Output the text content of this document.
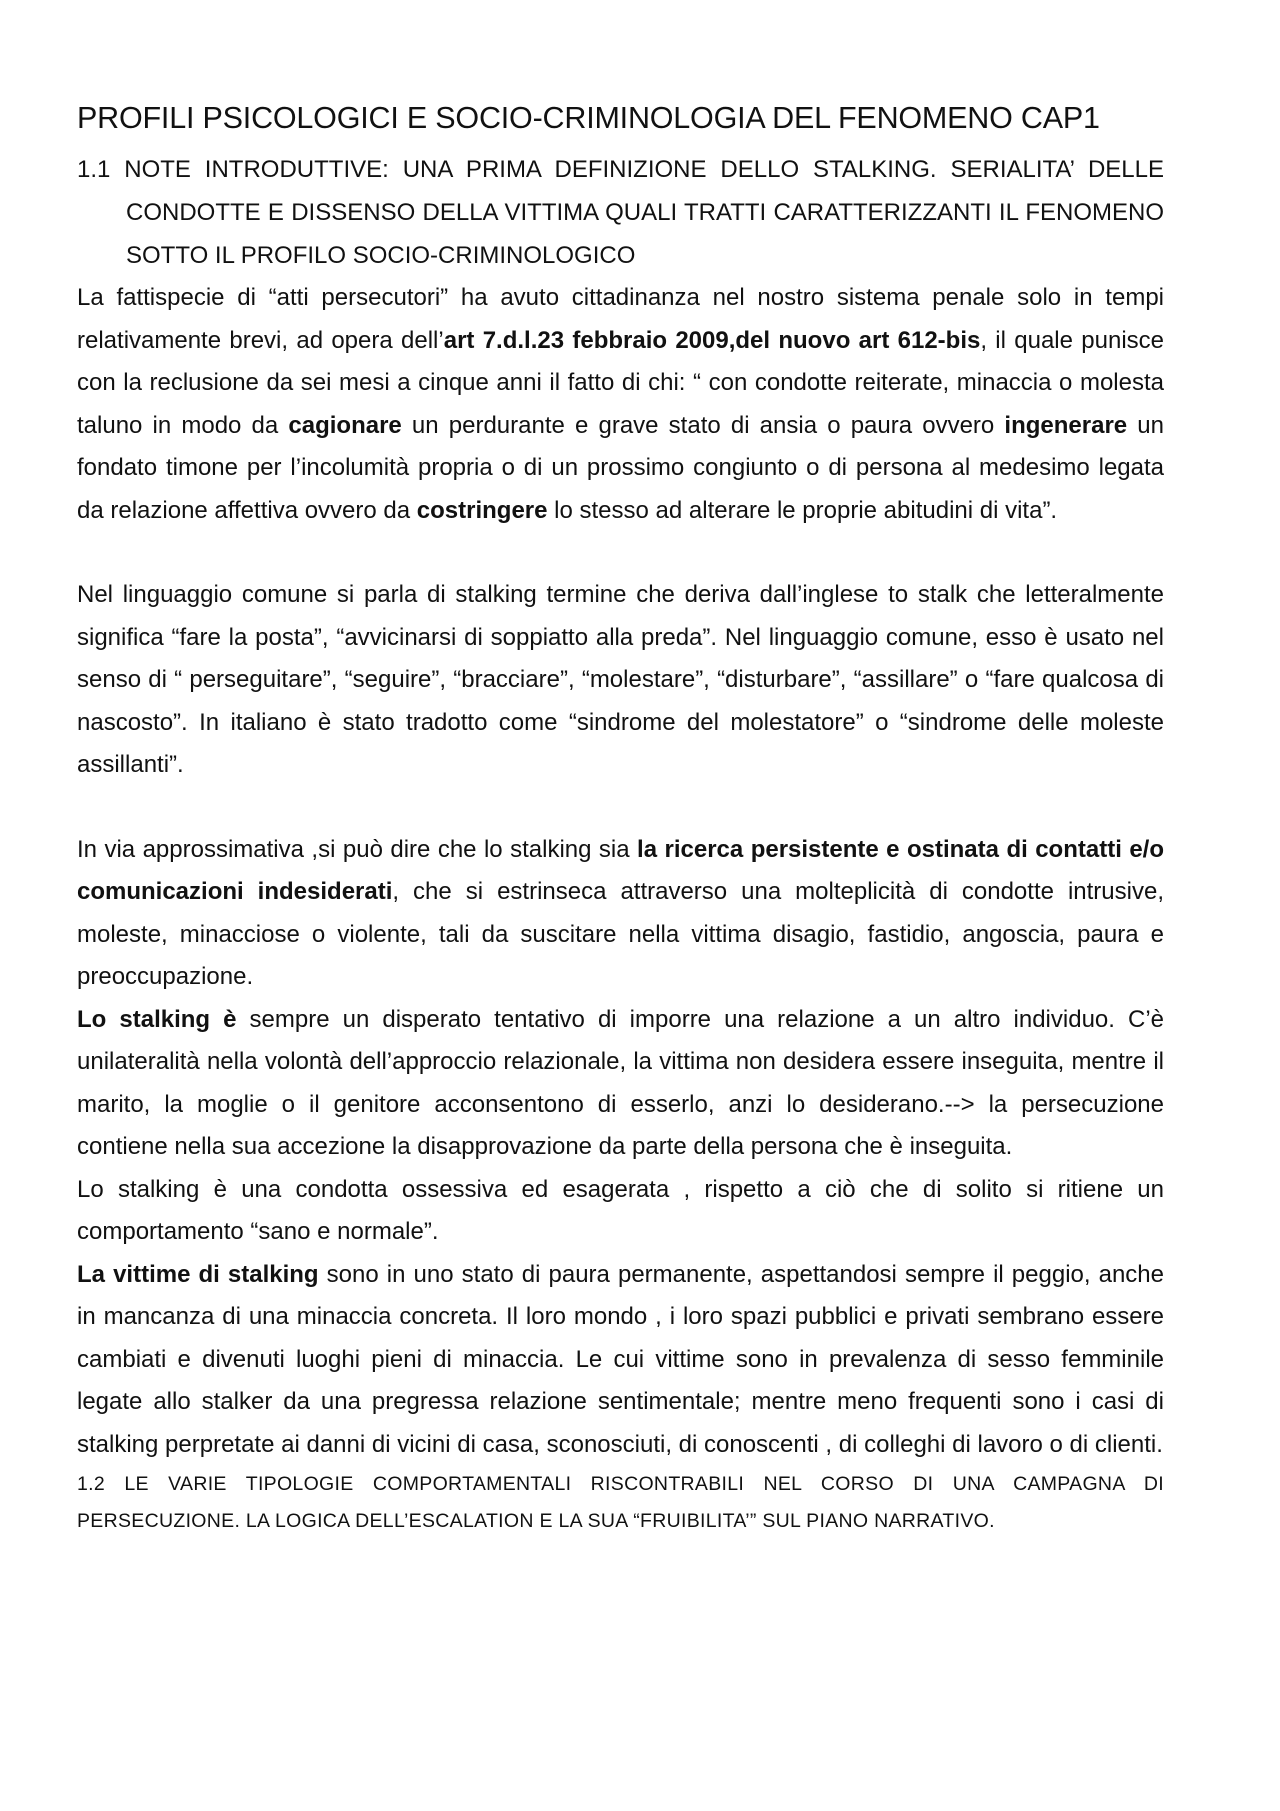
PROFILI PSICOLOGICI E SOCIO-CRIMINOLOGIA DEL FENOMENO CAP1

1.1 NOTE INTRODUTTIVE: UNA PRIMA DEFINIZIONE DELLO STALKING. SERIALITA’ DELLE CONDOTTE E DISSENSO DELLA VITTIMA QUALI TRATTI CARATTERIZZANTI IL FENOMENO SOTTO IL PROFILO SOCIO-CRIMINOLOGICO

La fattispecie di “atti persecutori” ha avuto cittadinanza nel nostro sistema penale solo in tempi relativamente brevi, ad opera dell’art 7.d.l.23 febbraio 2009,del nuovo art 612-bis, il quale punisce con la reclusione da sei mesi a cinque anni il fatto di chi: “ con condotte reiterate, minaccia o molesta taluno in modo da cagionare un perdurante e grave stato di ansia o paura ovvero ingenerare un fondato timone per l’incolumità propria o di un prossimo congiunto o di persona al medesimo legata da relazione affettiva ovvero da costringere lo stesso ad alterare le proprie abitudini di vita”.

Nel linguaggio comune si parla di stalking termine che deriva dall’inglese to stalk che letteralmente significa “fare la posta”, “avvicinarsi di soppiatto alla preda”. Nel linguaggio comune, esso è usato nel senso di “ perseguitare”, “seguire”, “bracciare”, “molestare”, “disturbare”, “assillare” o “fare qualcosa di nascosto”. In italiano è stato tradotto come “sindrome del molestatore” o “sindrome delle moleste assillanti”.

In via approssimativa ,si può dire che lo stalking sia la ricerca persistente e ostinata di contatti e/o comunicazioni indesiderati, che si estrinseca attraverso una molteplicità di condotte intrusive, moleste, minacciose o violente, tali da suscitare nella vittima disagio, fastidio, angoscia, paura e preoccupazione.

Lo stalking è sempre un disperato tentativo di imporre una relazione a un altro individuo. C’è unilateralità nella volontà dell’approccio relazionale, la vittima non desidera essere inseguita, mentre il marito, la moglie o il genitore acconsentono di esserlo, anzi lo desiderano.--> la persecuzione contiene nella sua accezione la disapprovazione da parte della persona che è inseguita.

Lo stalking è una condotta ossessiva ed esagerata , rispetto a ciò che di solito si ritiene un comportamento “sano e normale”.

La vittime di stalking sono in uno stato di paura permanente, aspettandosi sempre il peggio, anche in mancanza di una minaccia concreta. Il loro mondo , i loro spazi pubblici e privati sembrano essere cambiati e divenuti luoghi pieni di minaccia. Le cui vittime sono in prevalenza di sesso femminile legate allo stalker da una pregressa relazione sentimentale; mentre meno frequenti sono i casi di stalking perpretate ai danni di vicini di casa, sconosciuti, di conoscenti , di colleghi di lavoro o di clienti.

1.2 LE VARIE TIPOLOGIE COMPORTAMENTALI RISCONTRABILI NEL CORSO DI UNA CAMPAGNA DI PERSECUZIONE. LA LOGICA DELL’ESCALATION E LA SUA “FRUIBILITA’” SUL PIANO NARRATIVO.
